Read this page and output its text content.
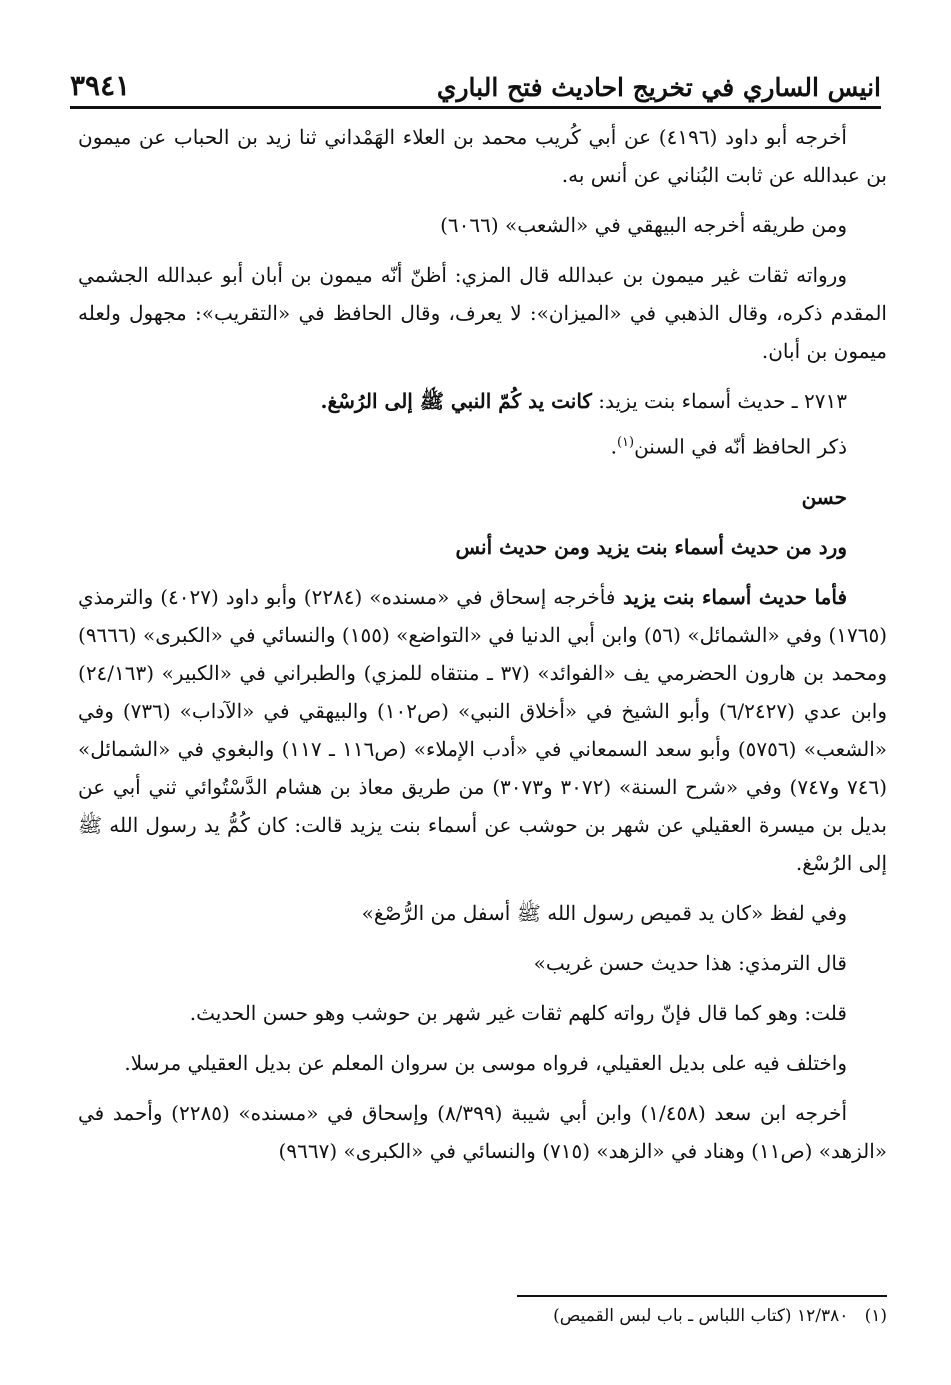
انيس الساري في تخريج احاديث فتح الباري
٣٩٤١

أخرجه أبو داود (٤١٩٦) عن أبي كُريب محمد بن العلاء الهَمْداني ثنا زيد بن الحباب عن ميمون بن عبدالله عن ثابت البُناني عن أنس به.

ومن طريقه أخرجه البيهقي في «الشعب» (٦٠٦٦)

ورواته ثقات غير ميمون بن عبدالله قال المزي: أظنّ أنّه ميمون بن أبان أبو عبدالله الجشمي المقدم ذكره، وقال الذهبي في «الميزان»: لا يعرف، وقال الحافظ في «التقريب»: مجهول ولعله ميمون بن أبان.

٢٧١٣ ـ حديث أسماء بنت يزيد: كانت يد كُمّ النبي ﷺ إلى الرُسْغ.

ذكر الحافظ أنّه في السنن$^{(١)}$.

حسن

ورد من حديث أسماء بنت يزيد ومن حديث أنس

فأما حديث أسماء بنت يزيد فأخرجه إسحاق في «مسنده» (٢٢٨٤) وأبو داود (٤٠٢٧) والترمذي (١٧٦٥) وفي «الشمائل» (٥٦) وابن أبي الدنيا في «التواضع» (١٥٥) والنسائي في «الكبرى» (٩٦٦٦) ومحمد بن هارون الحضرمي يف «الفوائد» (٣٧ ـ منتقاه للمزي) والطبراني في «الكبير» (٢٤/١٦٣) وابن عدي (٦/٢٤٢٧) وأبو الشيخ في «أخلاق النبي» (ص١٠٢) والبيهقي في «الآداب» (٧٣٦) وفي «الشعب» (٥٧٥٦) وأبو سعد السمعاني في «أدب الإملاء» (ص١١٦ ـ ١١٧) والبغوي في «الشمائل» (٧٤٦ و٧٤٧) وفي «شرح السنة» (٣٠٧٢ و٣٠٧٣) من طريق معاذ بن هشام الدَّسْتُوائي ثني أبي عن بديل بن ميسرة العقيلي عن شهر بن حوشب عن أسماء بنت يزيد قالت: كان كُمُّ يد رسول الله ﷺ إلى الرُسْغ.

وفي لفظ «كان يد قميص رسول الله ﷺ أسفل من الرُّصْغ»

قال الترمذي: هذا حديث حسن غريب»

قلت: وهو كما قال فإنّ رواته كلهم ثقات غير شهر بن حوشب وهو حسن الحديث.

واختلف فيه على بديل العقيلي، فرواه موسى بن سروان المعلم عن بديل العقيلي مرسلا.

أخرجه ابن سعد (١/٤٥٨) وابن أبي شيبة (٨/٣٩٩) وإسحاق في «مسنده» (٢٢٨٥) وأحمد في «الزهد» (ص١١) وهناد في «الزهد» (٧١٥) والنسائي في «الكبرى» (٩٦٦٧)

(١)   ١٢/٣٨٠ (كتاب اللباس ـ باب لبس القميص)
